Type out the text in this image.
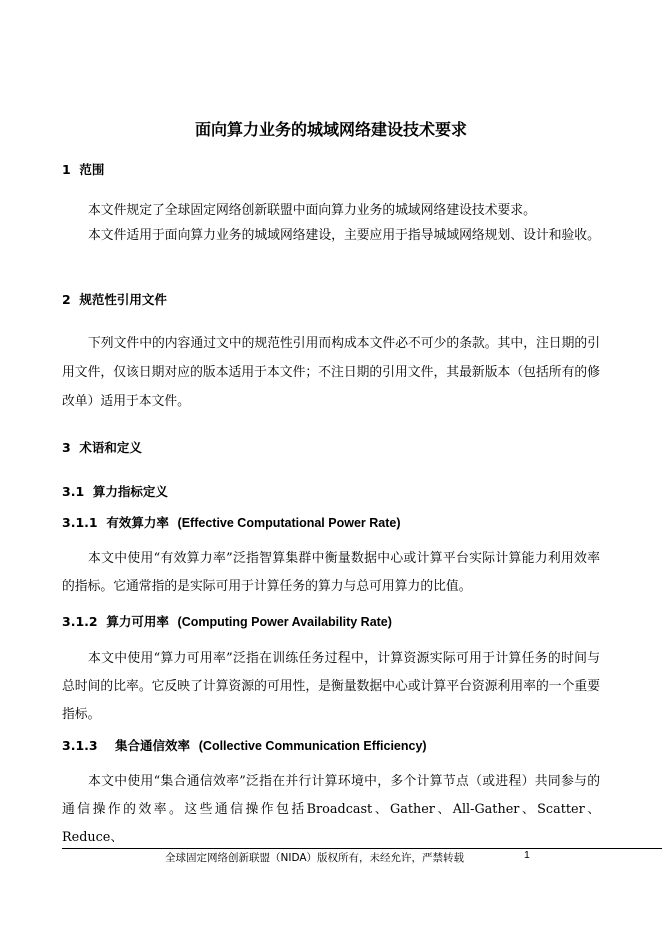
面向算力业务的城域网络建设技术要求
1 范围

本文件规定了全球固定网络创新联盟中面向算力业务的城域网络建设技术要求。

本文件适用于面向算力业务的城域网络建设，主要应用于指导城域网络规划、设计和验收。

2 规范性引用文件

下列文件中的内容通过文中的规范性引用而构成本文件必不可少的条款。其中，注日期的引用文件，仅该日期对应的版本适用于本文件；不注日期的引用文件，其最新版本（包括所有的修改单）适用于本文件。

3 术语和定义
3.1 算力指标定义
3.1.1 有效算力率 (Effective Computational Power Rate)

本文中使用“有效算力率”泛指智算集群中衡量数据中心或计算平台实际计算能力利用效率的指标。它通常指的是实际可用于计算任务的算力与总可用算力的比值。

3.1.2 算力可用率 (Computing Power Availability Rate)

本文中使用“算力可用率”泛指在训练任务过程中，计算资源实际可用于计算任务的时间与总时间的比率。它反映了计算资源的可用性，是衡量数据中心或计算平台资源利用率的一个重要指标。

3.1.3 集合通信效率 (Collective Communication Efficiency)

本文中使用“集合通信效率”泛指在并行计算环境中，多个计算节点（或进程）共同参与的通信操作的效率。这些通信操作包括Broadcast、Gather、All-Gather、Scatter、Reduce、

全球固定网络创新联盟（NIDA）版权所有，未经允许，严禁转载	1
